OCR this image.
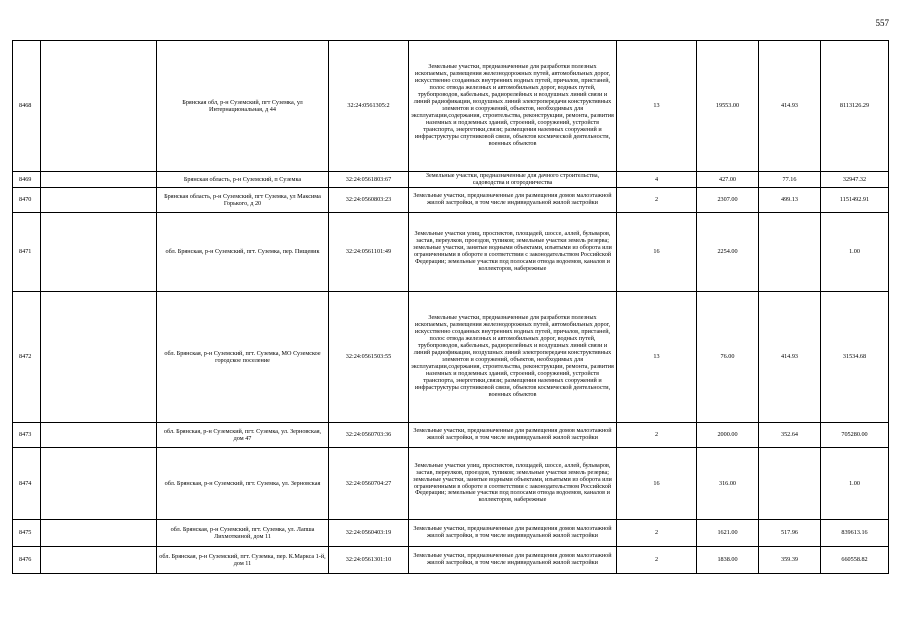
557
8468		Брянская обл, р-н Суземский, пгт Суземка, ул Интернациональная, д 44	32:24:0561305:2	Земельные участки, предназначенные для разработки полезных ископаемых, размещения железнодорожных путей, автомобильных дорог, искусственно созданных внутренних водных путей, причалов, пристаней, полос отвода железных и автомобильных дорог, водных путей, трубопроводов, кабельных, радиорелейных и воздушных линий связи и линий радиофикации, воздушных линий электропередачи конструктивных элементов и сооружений, объектов, необходимых для эксплуатации,содержания, строительства, реконструкции, ремонта, развития наземных и подземных зданий, строений, сооружений, устройств транспорта, энергетики,связи; размещения наземных сооружений и инфраструктуры спутниковой связи, объектов космической деятельности, военных объектов	13	19553.00	414.93	8113126.29
8469		Брянская область, р-н Суземский, п Суземка	32:24:0561803:67	Земельные участки, предназначенные для дачного строительства, садоводства и огородничества	4	427.00	77.16	32947.32
8470		Брянская область, р-н Суземский, пгт Суземка, ул Максима Горького, д 20	32:24:0560803:23	Земельные участки, предназначенные для размещения домов малоэтажной жилой застройки, в том числе индивидуальной жилой застройки	2	2307.00	499.13	1151492.91
8471		обл. Брянская, р-н Суземский, пгт. Суземка, пер. Пищевик	32:24:0561101:49	Земельные участки улиц, проспектов, площадей, шоссе, аллей, бульваров, застав, переулков, проездов, тупиков; земельные участки земель резерва; земельные участки, занятые водными объектами, изъятыми из оборота или ограниченными в обороте в соответствии с законодательством Российской Федерации; земельные участки под полосами отвода водоемов, каналов и коллекторов, набережные	16	2254.00		1.00
8472		обл. Брянская, р-н Суземский, пгт. Суземка, МО Суземское городское поселение	32:24:0561503:55	Земельные участки, предназначенные для разработки полезных ископаемых, размещения железнодорожных путей, автомобильных дорог, искусственно созданных внутренних водных путей, причалов, пристаней, полос отвода железных и автомобильных дорог, водных путей, трубопроводов, кабельных, радиорелейных и воздушных линий связи и линий радиофикации, воздушных линий электропередачи конструктивных элементов и сооружений, объектов, необходимых для эксплуатации,содержания, строительства, реконструкции, ремонта, развития наземных и подземных зданий, строений, сооружений, устройств транспорта, энергетики,связи; размещения наземных сооружений и инфраструктуры спутниковой связи, объектов космической деятельности, военных объектов	13	76.00	414.93	31534.68
8473		обл. Брянская, р-н Суземский, пгт. Суземка, ул. Зерновская, дом 47	32:24:0560703:36	Земельные участки, предназначенные для размещения домов малоэтажной жилой застройки, в том числе индивидуальной жилой застройки	2	2000.00	352.64	705280.00
8474		обл. Брянская, р-н Суземский, пгт. Суземка, ул. Зерновская	32:24:0560704:27	Земельные участки улиц, проспектов, площадей, шоссе, аллей, бульваров, застав, переулков, проездов, тупиков; земельные участки земель резерва; земельные участки, занятые водными объектами, изъятыми из оборота или ограниченными в обороте в соответствии с законодательством Российской Федерации; земельные участки под полосами отвода водоемов, каналов и коллекторов, набережные	16	316.00		1.00
8475		обл. Брянская, р-н Суземский, пгт. Суземка, ул. Лапша Лихмоткиной, дом 11	32:24:0560403:19	Земельные участки, предназначенные для размещения домов малоэтажной жилой застройки, в том числе индивидуальной жилой застройки	2	1621.00	517.96	839613.16
8476		обл. Брянская, р-н Суземский, пгт. Суземка, пер. К.Маркса 1-й, дом 11	32:24:0561301:10	Земельные участки, предназначенные для размещения домов малоэтажной жилой застройки, в том числе индивидуальной жилой застройки	2	1838.00	359.39	660558.82
